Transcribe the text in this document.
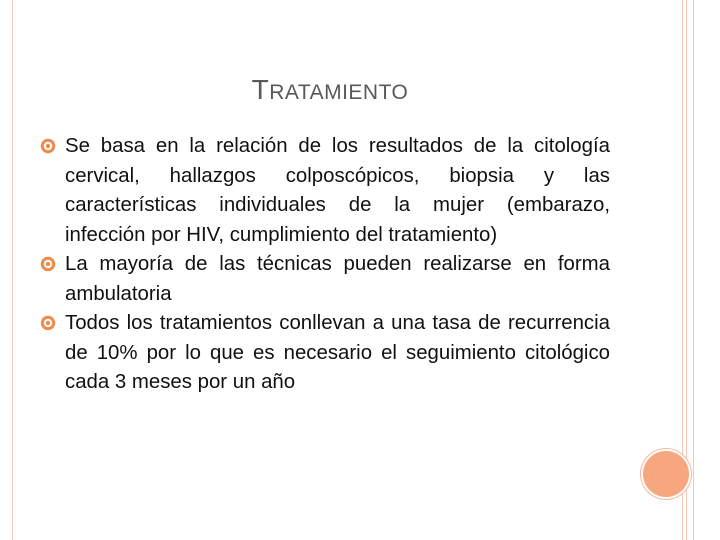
TRATAMIENTO
Se basa en la relación de los resultados de la citología cervical, hallazgos colposcópicos, biopsia y las características individuales de la mujer (embarazo, infección por HIV, cumplimiento del tratamiento)
La mayoría de las técnicas pueden realizarse en forma ambulatoria
Todos los tratamientos conllevan a una tasa de recurrencia de 10% por lo que es necesario el seguimiento citológico cada 3 meses por un año
